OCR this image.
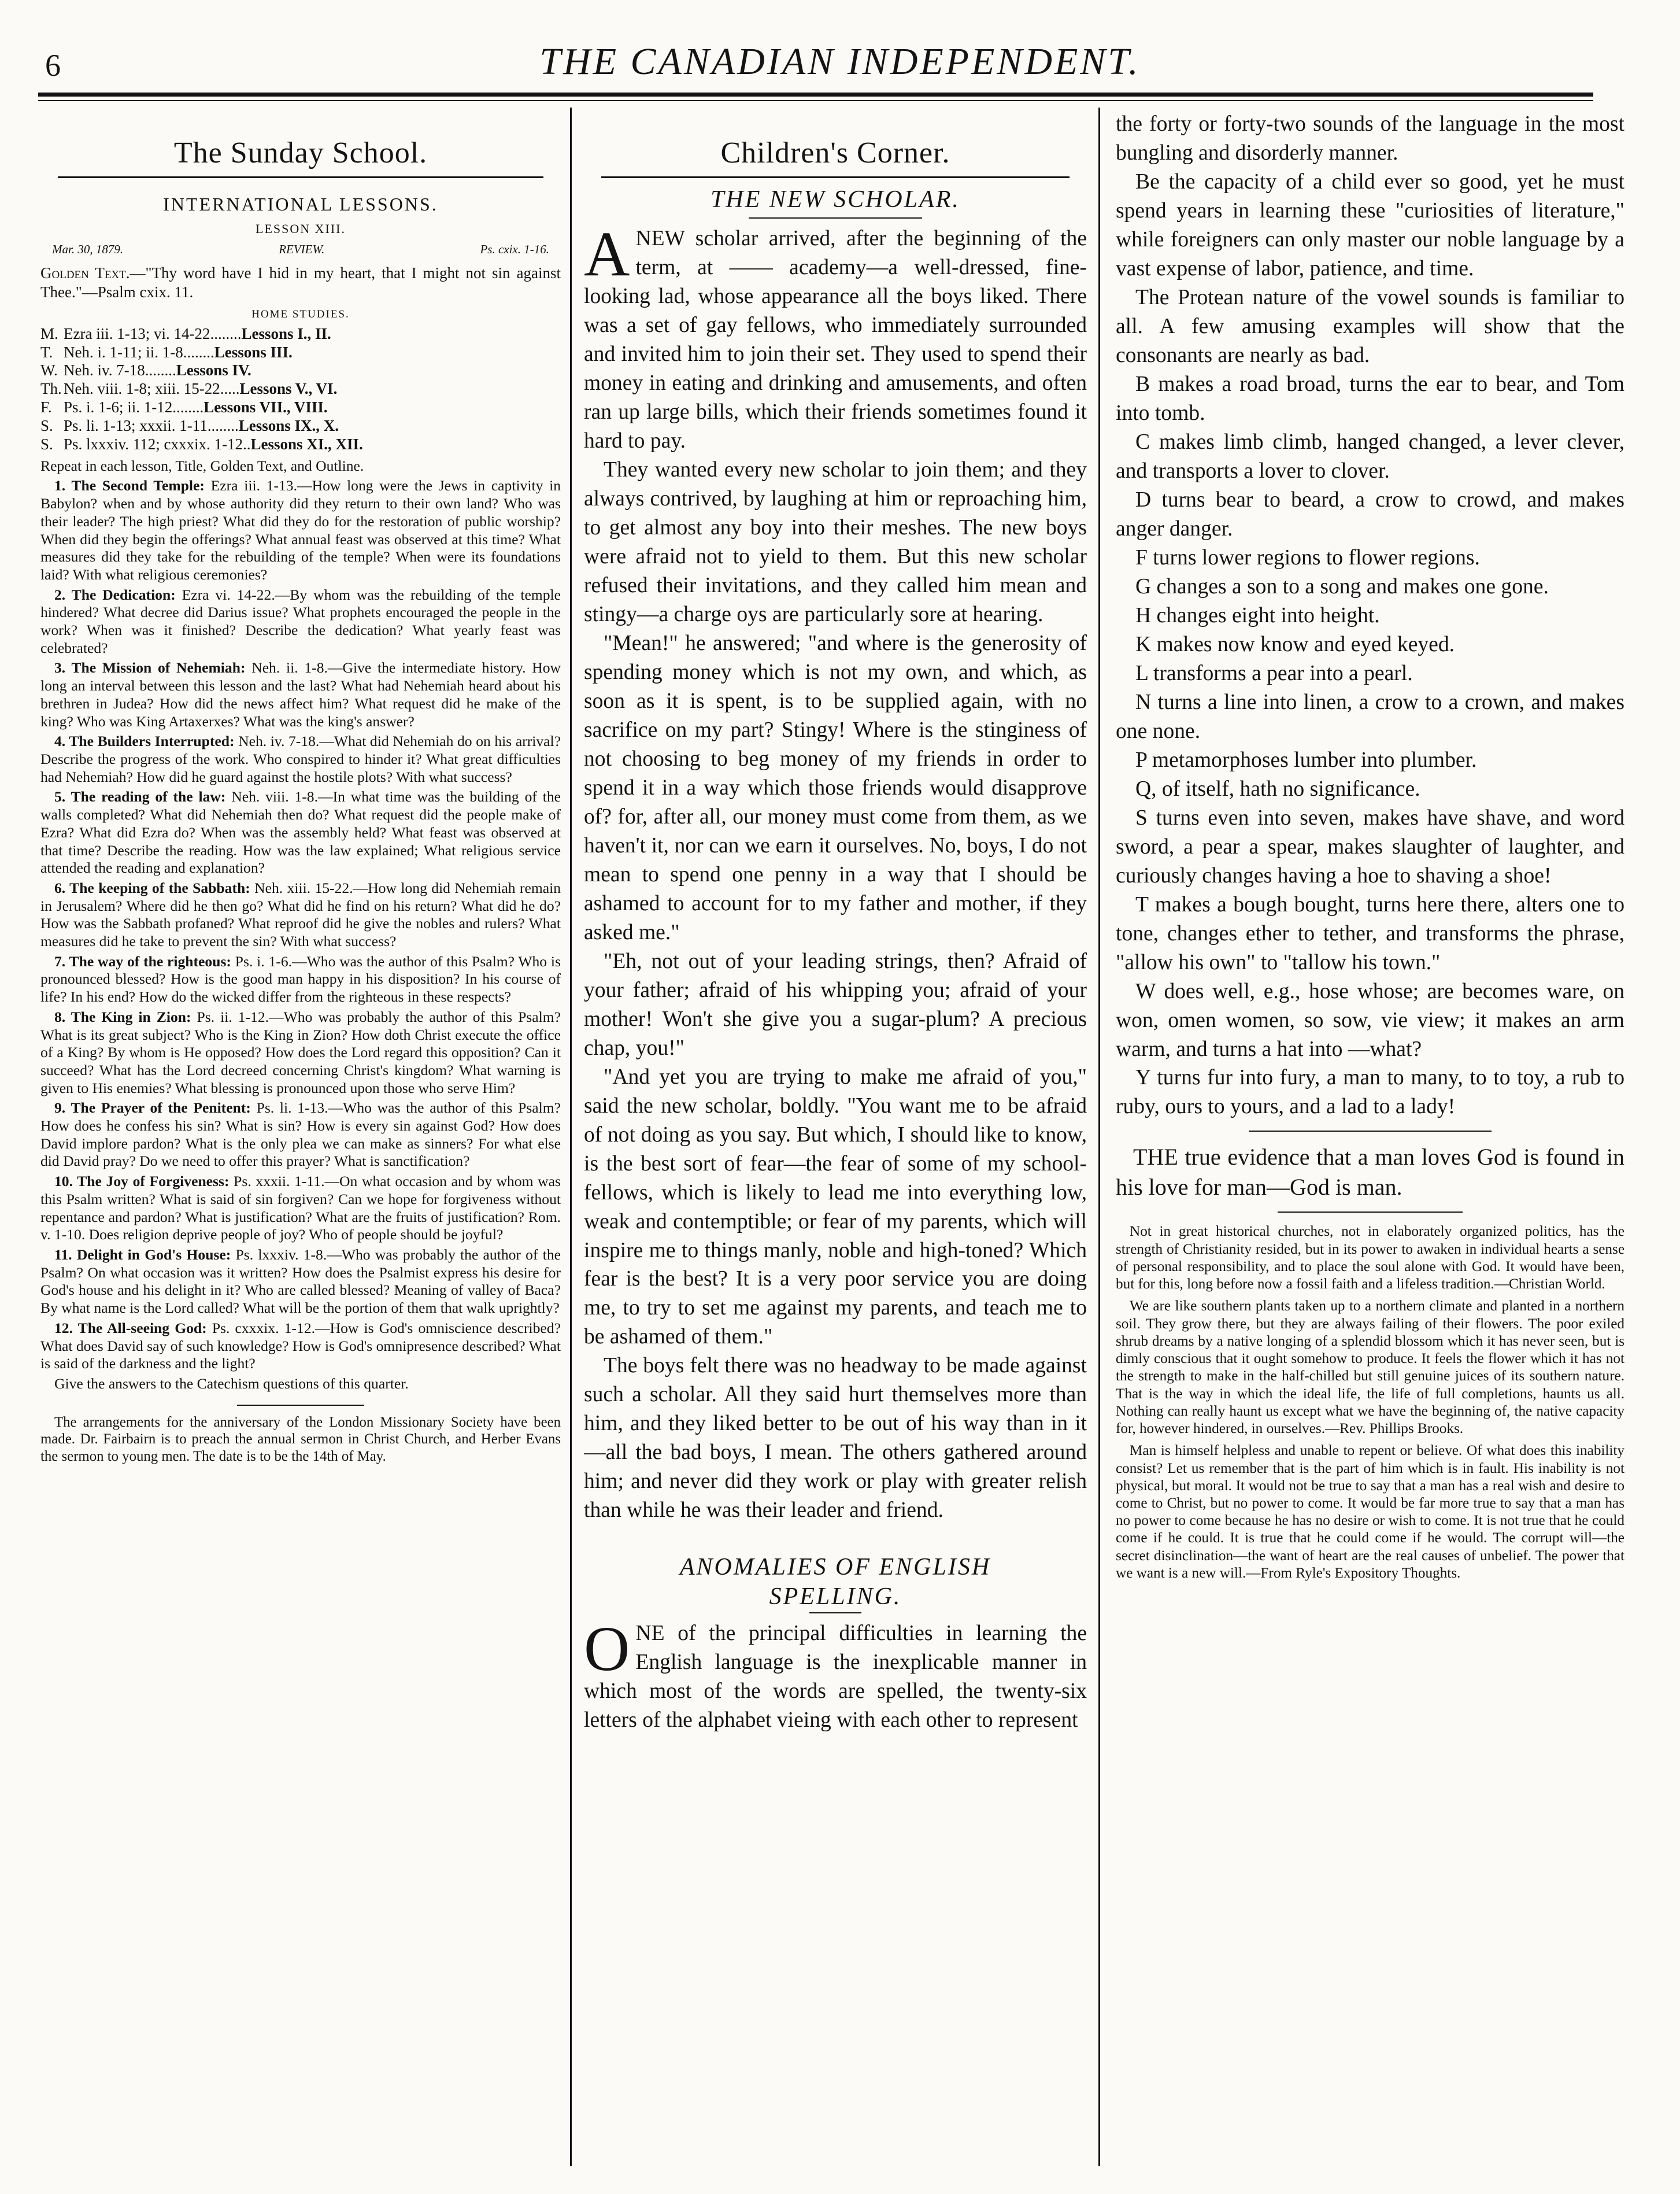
6	THE CANADIAN INDEPENDENT.
The Sunday School.
INTERNATIONAL LESSONS.
LESSON XIII.
Mar. 30, 1879.	REVIEW.	Ps. cxix. 1-16.
Golden Text.—"Thy word have I hid in my heart, that I might not sin against Thee."—Psalm cxix. 11.
HOME STUDIES.
M. Ezra iii. 1-13; vi. 14-22........Lessons I., II.
T. Neh. i. 1-11; ii. 1-8........Lessons III.
W. Neh. iv. 7-18........Lessons IV.
Th. Neh. viii. 1-8; xiii. 15-22.....Lessons V., VI.
F. Ps. i. 1-6; ii. 1-12........Lessons VII., VIII.
S. Ps. li. 1-13; xxxii. 1-11........Lessons IX., X.
S. Ps. lxxxiv. 112; cxxxix. 1-12..Lessons XI., XII.
Repeat in each lesson, Title, Golden Text, and Outline.
1. The Second Temple: Ezra iii. 1-13.—How long were the Jews in captivity in Babylon? when and by whose authority did they return to their own land? Who was their leader? The high priest? What did they do for the restoration of public worship? When did they begin the offerings? What annual feast was observed at this time? What measures did they take for the rebuilding of the temple? When were its foundations laid? With what religious ceremonies?
2. The Dedication: Ezra vi. 14-22.—By whom was the rebuilding of the temple hindered? What decree did Darius issue? What prophets encouraged the people in the work? When was it finished? Describe the dedication? What yearly feast was celebrated?
3. The Mission of Nehemiah: Neh. ii. 1-8.—Give the intermediate history. How long an interval between this lesson and the last? What had Nehemiah heard about his brethren in Judea? How did the news affect him? What request did he make of the king? Who was King Artaxerxes? What was the king's answer?
4. The Builders Interrupted: Neh. iv. 7-18.—What did Nehemiah do on his arrival? Describe the progress of the work. Who conspired to hinder it? What great difficulties had Nehemiah? How did he guard against the hostile plots? With what success?
5. The reading of the law: Neh. viii. 1-8.—In what time was the building of the walls completed? What did Nehemiah then do? What request did the people make of Ezra? What did Ezra do? When was the assembly held? What feast was observed at that time? Describe the reading. How was the law explained; What religious service attended the reading and explanation?
6. The keeping of the Sabbath: Neh. xiii. 15-22.—How long did Nehemiah remain in Jerusalem? Where did he then go? What did he find on his return? What did he do? How was the Sabbath profaned? What reproof did he give the nobles and rulers? What measures did he take to prevent the sin? With what success?
7. The way of the righteous: Ps. i. 1-6.—Who was the author of this Psalm? Who is pronounced blessed? How is the good man happy in his disposition? In his course of life? In his end? How do the wicked differ from the righteous in these respects?
8. The King in Zion: Ps. ii. 1-12.—Who was probably the author of this Psalm? What is its great subject? Who is the King in Zion? How doth Christ execute the office of a King? By whom is He opposed? How does the Lord regard this opposition? Can it succeed? What has the Lord decreed concerning Christ's kingdom? What warning is given to His enemies? What blessing is pronounced upon those who serve Him?
9. The Prayer of the Penitent: Ps. li. 1-13.—Who was the author of this Psalm? How does he confess his sin? What is sin? How is every sin against God? How does David implore pardon? What is the only plea we can make as sinners? For what else did David pray? Do we need to offer this prayer? What is sanctification?
10. The Joy of Forgiveness: Ps. xxxii. 1-11.—On what occasion and by whom was this Psalm written? What is said of sin forgiven? Can we hope for forgiveness without repentance and pardon? What is justification? What are the fruits of justification? Rom. v. 1-10. Does religion deprive people of joy? Who of people should be joyful?
11. Delight in God's House: Ps. lxxxiv. 1-8.—Who was probably the author of the Psalm? On what occasion was it written? How does the Psalmist express his desire for God's house and his delight in it? Who are called blessed? Meaning of valley of Baca? By what name is the Lord called? What will be the portion of them that walk uprightly?
12. The All-seeing God: Ps. cxxxix. 1-12.—How is God's omniscience described? What does David say of such knowledge? How is God's omnipresence described? What is said of the darkness and the light?
Give the answers to the Catechism questions of this quarter.
The arrangements for the anniversary of the London Missionary Society have been made. Dr. Fairbairn is to preach the annual sermon in Christ Church, and Herber Evans the sermon to young men. The date is to be the 14th of May.
Children's Corner.
THE NEW SCHOLAR.
A NEW scholar arrived, after the beginning of the term, at —— academy—a well-dressed, fine-looking lad, whose appearance all the boys liked. There was a set of gay fellows, who immediately surrounded and invited him to join their set. They used to spend their money in eating and drinking and amusements, and often ran up large bills, which their friends sometimes found it hard to pay.
They wanted every new scholar to join them; and they always contrived, by laughing at him or reproaching him, to get almost any boy into their meshes. The new boys were afraid not to yield to them. But this new scholar refused their invitations, and they called him mean and stingy—a charge oys are particularly sore at hearing.
"Mean!" he answered; "and where is the generosity of spending money which is not my own, and which, as soon as it is spent, is to be supplied again, with no sacrifice on my part? Stingy! Where is the stinginess of not choosing to beg money of my friends in order to spend it in a way which those friends would disapprove of? for, after all, our money must come from them, as we haven't it, nor can we earn it ourselves. No, boys, I do not mean to spend one penny in a way that I should be ashamed to account for to my father and mother, if they asked me."
"Eh, not out of your leading strings, then? Afraid of your father; afraid of his whipping you; afraid of your mother! Won't she give you a sugar-plum? A precious chap, you!"
"And yet you are trying to make me afraid of you," said the new scholar, boldly. "You want me to be afraid of not doing as you say. But which, I should like to know, is the best sort of fear—the fear of some of my school-fellows, which is likely to lead me into everything low, weak and contemptible; or fear of my parents, which will inspire me to things manly, noble and high-toned? Which fear is the best? It is a very poor service you are doing me, to try to set me against my parents, and teach me to be ashamed of them."
The boys felt there was no headway to be made against such a scholar. All they said hurt themselves more than him, and they liked better to be out of his way than in it—all the bad boys, I mean. The others gathered around him; and never did they work or play with greater relish than while he was their leader and friend.
ANOMALIES OF ENGLISH
SPELLING.
ONE of the principal difficulties in learning the English language is the inexplicable manner in which most of the words are spelled, the twenty-six letters of the alphabet vieing with each other to represent
the forty or forty-two sounds of the language in the most bungling and disorderly manner.
Be the capacity of a child ever so good, yet he must spend years in learning these "curiosities of literature," while foreigners can only master our noble language by a vast expense of labor, patience, and time.
The Protean nature of the vowel sounds is familiar to all. A few amusing examples will show that the consonants are nearly as bad.
B makes a road broad, turns the ear to bear, and Tom into tomb.
C makes limb climb, hanged changed, a lever clever, and transports a lover to clover.
D turns bear to beard, a crow to crowd, and makes anger danger.
F turns lower regions to flower regions.
G changes a son to a song and makes one gone.
H changes eight into height.
K makes now know and eyed keyed.
L transforms a pear into a pearl.
N turns a line into linen, a crow to a crown, and makes one none.
P metamorphoses lumber into plumber.
Q, of itself, hath no significance.
S turns even into seven, makes have shave, and word sword, a pear a spear, makes slaughter of laughter, and curiously changes having a hoe to shaving a shoe!
T makes a bough bought, turns here there, alters one to tone, changes ether to tether, and transforms the phrase, "allow his own" to "tallow his town."
W does well, e.g., hose whose; are becomes ware, on won, omen women, so sow, vie view; it makes an arm warm, and turns a hat into —what?
Y turns fur into fury, a man to many, to to toy, a rub to ruby, ours to yours, and a lad to a lady!
THE true evidence that a man loves God is found in his love for man—God is man.
Not in great historical churches, not in elaborately organized politics, has the strength of Christianity resided, but in its power to awaken in individual hearts a sense of personal responsibility, and to place the soul alone with God. It would have been, but for this, long before now a fossil faith and a lifeless tradition.—Christian World.
We are like southern plants taken up to a northern climate and planted in a northern soil. They grow there, but they are always failing of their flowers. The poor exiled shrub dreams by a native longing of a splendid blossom which it has never seen, but is dimly conscious that it ought somehow to produce. It feels the flower which it has not the strength to make in the half-chilled but still genuine juices of its southern nature. That is the way in which the ideal life, the life of full completions, haunts us all. Nothing can really haunt us except what we have the beginning of, the native capacity for, however hindered, in ourselves.—Rev. Phillips Brooks.
Man is himself helpless and unable to repent or believe. Of what does this inability consist? Let us remember that is the part of him which is in fault. His inability is not physical, but moral. It would not be true to say that a man has a real wish and desire to come to Christ, but no power to come. It would be far more true to say that a man has no power to come because he has no desire or wish to come. It is not true that he could come if he could. It is true that he could come if he would. The corrupt will—the secret disinclination—the want of heart are the real causes of unbelief. The power that we want is a new will.—From Ryle's Expository Thoughts.
